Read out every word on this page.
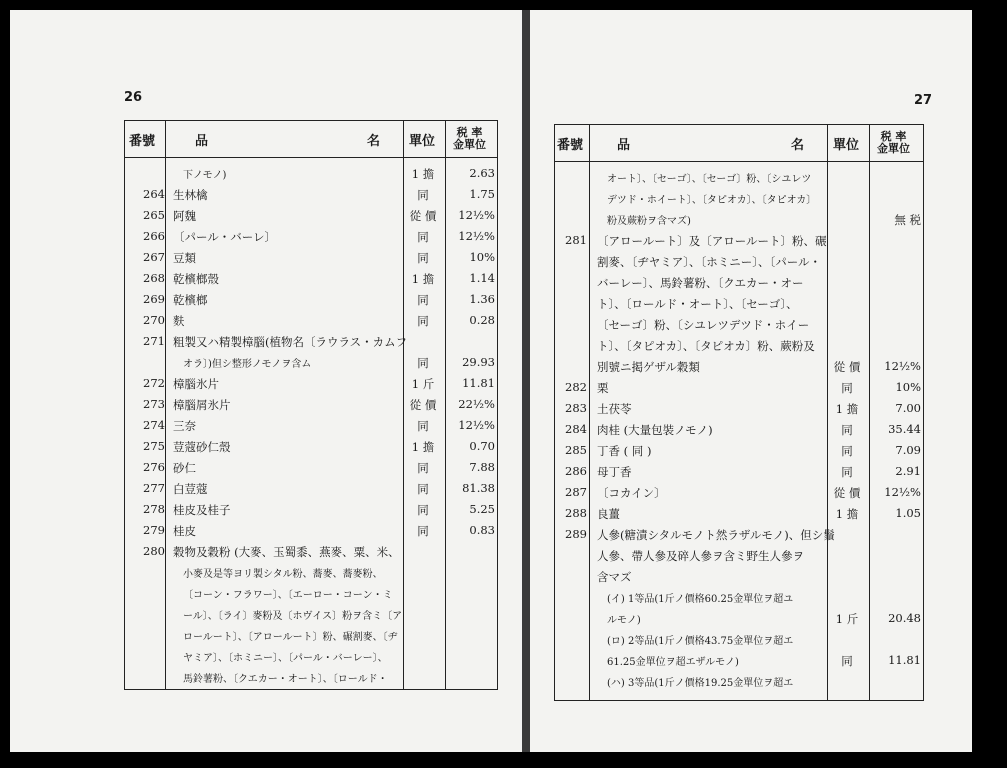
26
番號	品	名 單位
税 率
金單位
下ノモノ)	1 擔	2.63
264 生林檎	同	1.75
265 阿魏	從 價	12½%
266 〔パール・バーレ〕	同	12½%
267 豆類	同	10%
268 乾檳榔殼	1 擔	1.14
269 乾檳榔	同	1.36
270 麩	同	0.28
271 粗製又ハ精製樟腦(植物名〔ラウラス・カムフ
オラ〕)但シ整形ノモノヲ含ム	同	29.93
272 樟腦氷片	1 斤	11.81
273 樟腦屑氷片	從 價	22½%
274 三奈	同	12½%
275 荳蔻砂仁殼	1 擔	0.70
276 砂仁	同	7.88
277 白荳蔻	同	81.38
278 桂皮及桂子	同	5.25
279 桂皮	同	0.83
280 穀物及穀粉 (大麥、玉蜀黍、燕麥、粟、米、
小麥及是等ヨリ製シタル粉、蕎麥、蕎麥粉、
〔コーン・フラワー〕、〔エーロー・コーン・ミ
ール〕、〔ライ〕麥粉及〔ホヴイス〕粉ヲ含ミ〔ア
ロールート〕、〔アロールート〕粉、碾割麥、〔ヂ
ヤミア〕、〔ホミニー〕、〔パール・バーレー〕、
馬鈴薯粉、〔クエカー・オート〕、〔ロールド・
27
番號	品	名 單位
税 率
金單位
オート〕、〔セーゴ〕、〔セーゴ〕粉、〔シユレツ
デツド・ホイート〕、〔タピオカ〕、〔タピオカ〕
粉及蕨粉ヲ含マズ)	無 税
281 〔アロールート〕及〔アロールート〕粉、碾
割麥、〔ヂヤミア〕、〔ホミニー〕、〔パール・
バーレー〕、馬鈴薯粉、〔クエカー・オー
ト〕、〔ロールド・オート〕、〔セーゴ〕、
〔セーゴ〕粉、〔シユレツデツド・ホイー
ト〕、〔タピオカ〕、〔タピオカ〕粉、蕨粉及
別號ニ掲ゲザル穀類	從 價	12½%
282 栗	同	10%
283 土茯苓	1 擔	7.00
284 肉桂 (大量包裝ノモノ)	同	35.44
285 丁香 ( 同 )	同	7.09
286 母丁香	同	2.91
287 〔コカイン〕	從 價	12½%
288 良薑	1 擔	1.05
289 人參(糖漬シタルモノト然ラザルモノ)、但シ鬚
人參、帶人參及碎人參ヲ含ミ野生人參ヲ
含マズ
(イ) 1等品(1斤ノ價格60.25金單位ヲ超ユ
ルモノ)	1 斤	20.48
(ロ) 2等品(1斤ノ價格43.75金單位ヲ超エ
61.25金單位ヲ超エザルモノ)	同	11.81
(ハ) 3等品(1斤ノ價格19.25金單位ヲ超エ
